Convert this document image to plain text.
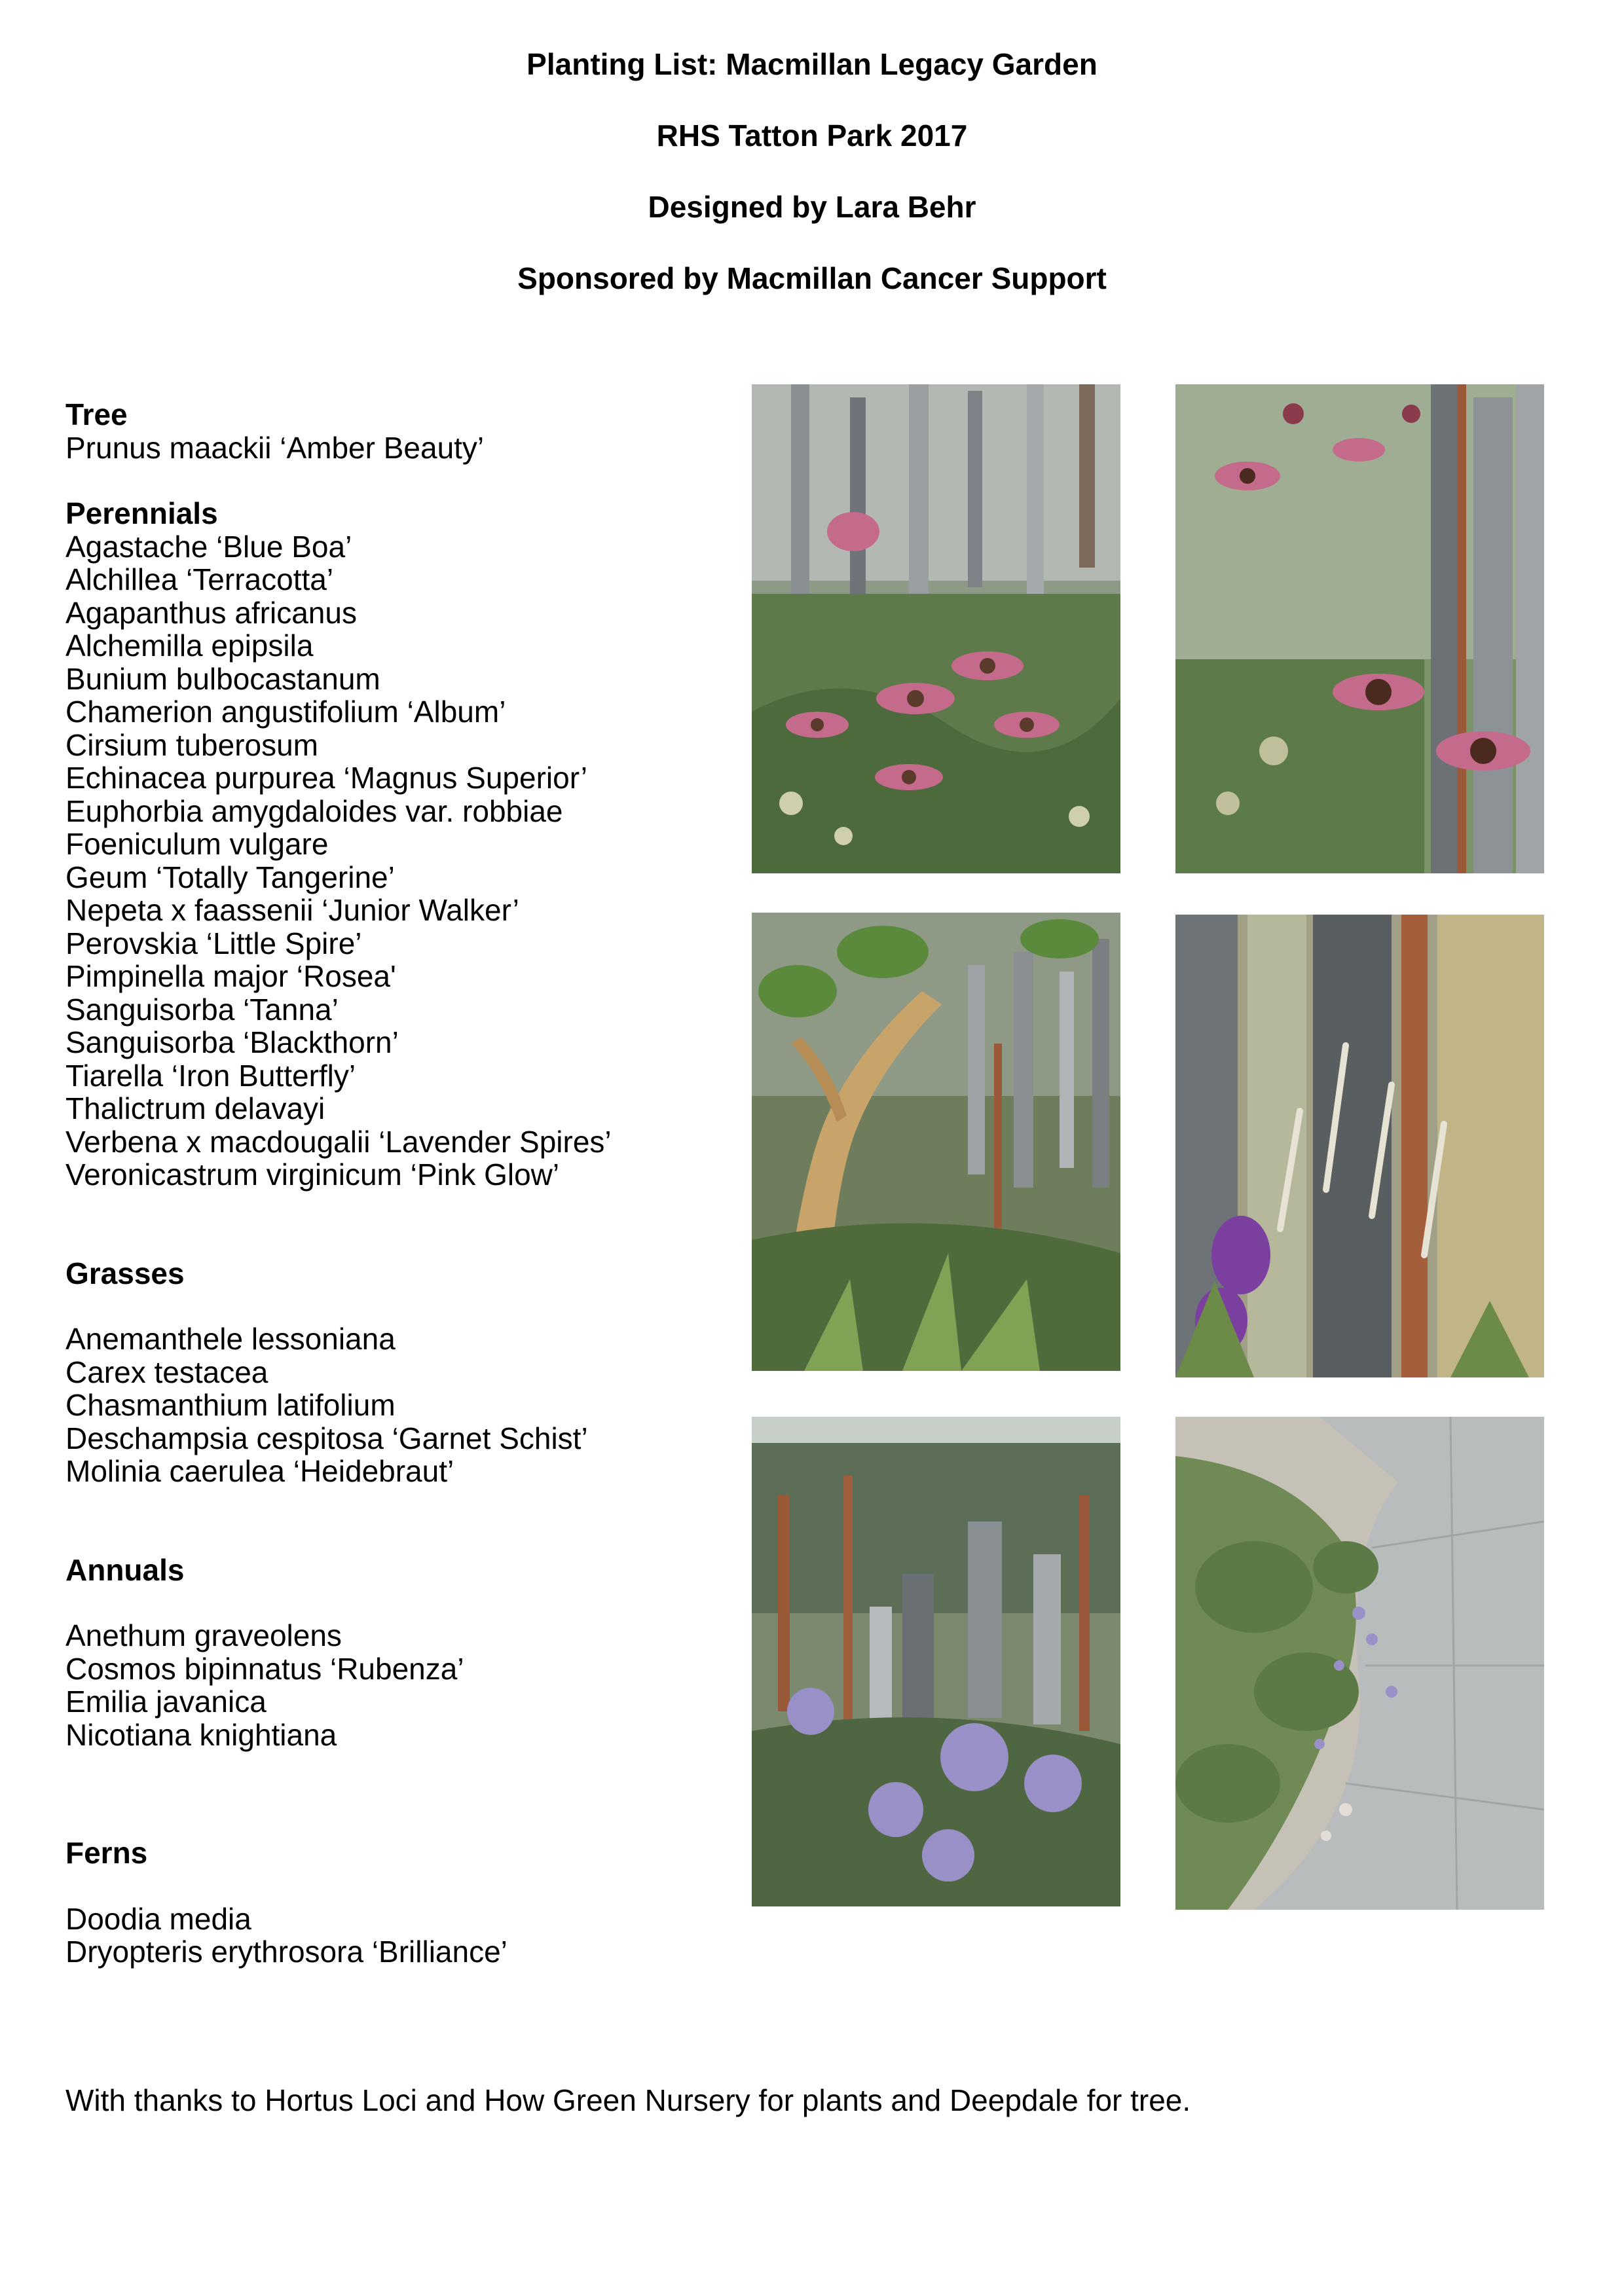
Planting List: Macmillan Legacy Garden
RHS Tatton Park 2017
Designed by Lara Behr
Sponsored by Macmillan Cancer Support
Tree
Prunus maackii ‘Amber Beauty’
Perennials
Agastache ‘Blue Boa’
Alchillea ‘Terracotta’
Agapanthus africanus
Alchemilla epipsila
Bunium bulbocastanum
Chamerion angustifolium ‘Album’
Cirsium tuberosum
Echinacea purpurea ‘Magnus Superior’
Euphorbia amygdaloides var. robbiae
Foeniculum vulgare
Geum ‘Totally Tangerine’
Nepeta x faassenii ‘Junior Walker’
Perovskia ‘Little Spire’
Pimpinella major ‘Rosea'
Sanguisorba ‘Tanna’
Sanguisorba ‘Blackthorn’
Tiarella ‘Iron Butterfly’
Thalictrum delavayi
Verbena x macdougalii ‘Lavender Spires’
Veronicastrum virginicum ‘Pink Glow’
Grasses
Anemanthele lessoniana
Carex testacea
Chasmanthium latifolium
Deschampsia cespitosa ‘Garnet Schist’
Molinia caerulea ‘Heidebraut’
Annuals
Anethum graveolens
Cosmos bipinnatus ‘Rubenza’
Emilia javanica
Nicotiana knightiana
Ferns
Doodia media
Dryopteris erythrosora ‘Brilliance’
With thanks to Hortus Loci and How Green Nursery for plants and Deepdale for tree.
